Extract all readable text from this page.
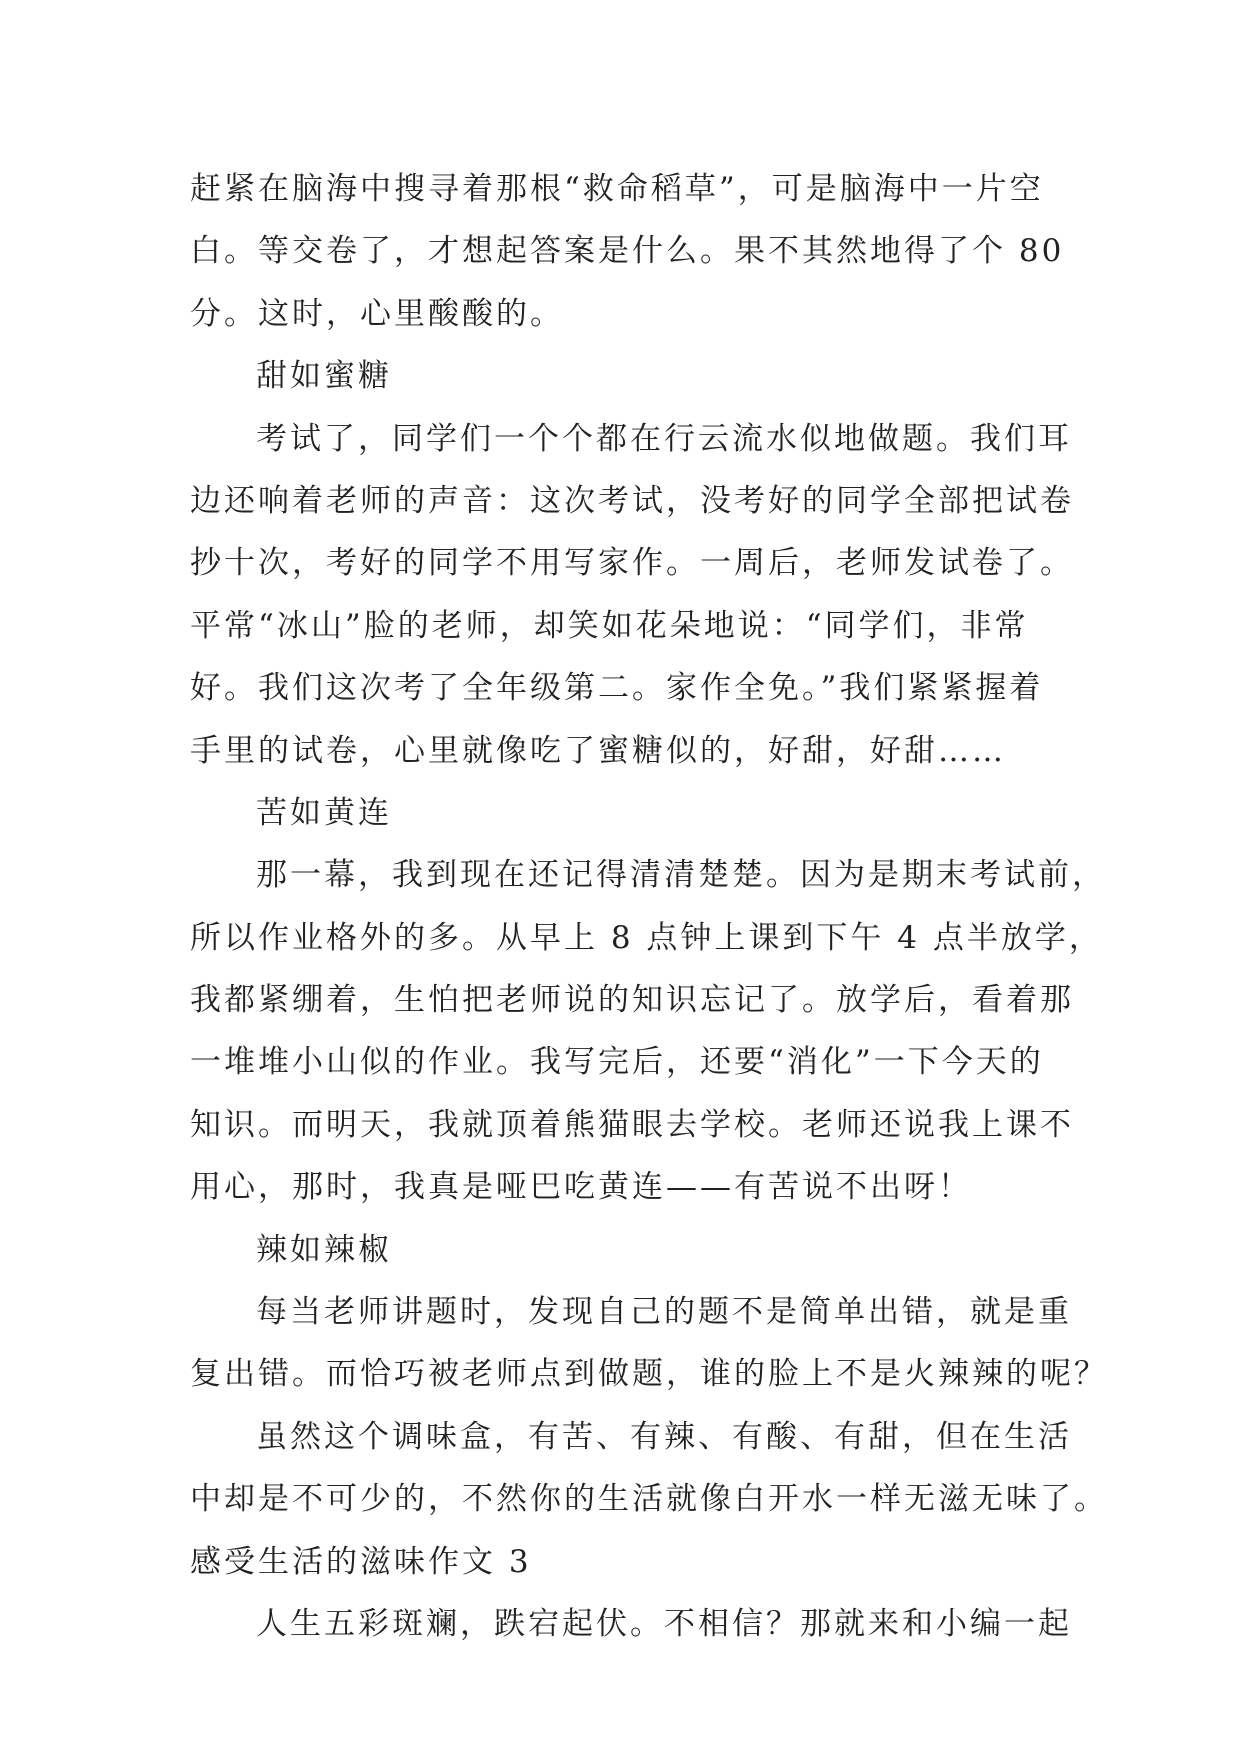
赶紧在脑海中搜寻着那根“救命稻草”，可是脑海中一片空
白。等交卷了，才想起答案是什么。果不其然地得了个 80
分。这时，心里酸酸的。
甜如蜜糖
考试了，同学们一个个都在行云流水似地做题。我们耳
边还响着老师的声音：这次考试，没考好的同学全部把试卷
抄十次，考好的同学不用写家作。一周后，老师发试卷了。
平常“冰山”脸的老师，却笑如花朵地说：“同学们，非常
好。我们这次考了全年级第二。家作全免。”我们紧紧握着
手里的试卷，心里就像吃了蜜糖似的，好甜，好甜……
苦如黄连
那一幕，我到现在还记得清清楚楚。因为是期末考试前，
所以作业格外的多。从早上 8 点钟上课到下午 4 点半放学，
我都紧绷着，生怕把老师说的知识忘记了。放学后，看着那
一堆堆小山似的作业。我写完后，还要“消化”一下今天的
知识。而明天，我就顶着熊猫眼去学校。老师还说我上课不
用心，那时，我真是哑巴吃黄连——有苦说不出呀！
辣如辣椒
每当老师讲题时，发现自己的题不是简单出错，就是重
复出错。而恰巧被老师点到做题，谁的脸上不是火辣辣的呢？
虽然这个调味盒，有苦、有辣、有酸、有甜，但在生活
中却是不可少的，不然你的生活就像白开水一样无滋无味了。
感受生活的滋味作文 3
人生五彩斑斓，跌宕起伏。不相信？那就来和小编一起
